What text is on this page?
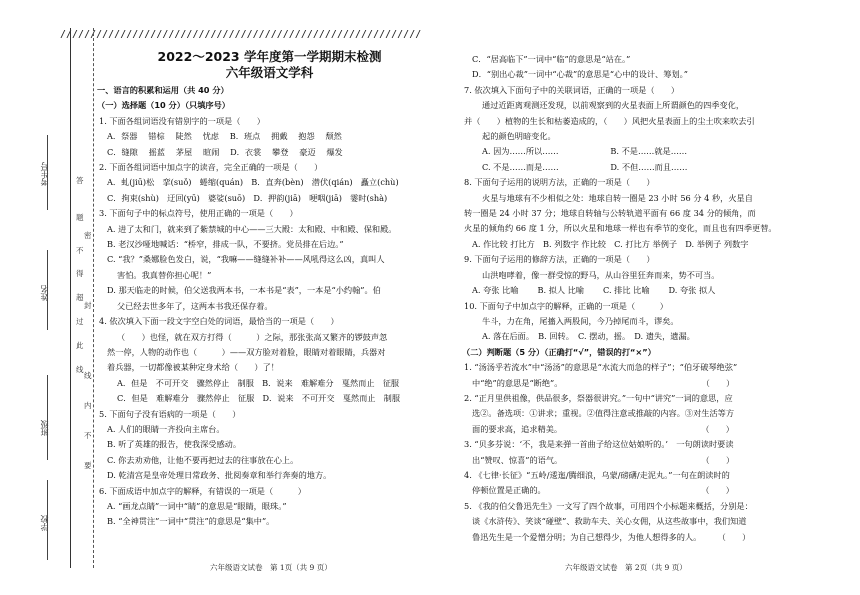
////////////////////////////////////////////////////////////
考生号
姓名
班级
学校
答
题
不
得
超
过
此
线
密
封
线
内
不
要
2022～2023 学年度第一学期期末检测
六年级语文学科
一、语言的积累和运用（共 40 分）
（一）选择题（10 分）（只填序号）
1. 下面各组词语没有错别字的一项是（　　）
A．祭器　 错棕　 陡然　 忧虑　 B．班点　 拥戴　 抱怨　 颓然
C．缝隙　 摇蓝　 茅屋　 暄闹　 D．衣裳　 攀登　 豪迈　 爆发
2. 下面各组词语中加点字的读音，完全正确的一项是（　　）
A．虬(jiū)松　挛(suǒ)　蜷缩(quán)　B．直奔(bèn)　潜伏(qián)　矗立(chù)
C．拘束(shù)　迂回(yū)　婆娑(suō)　D．押韵(jiā)　哽咽(jiā)　霎时(shà)
3. 下面句子中的标点符号，使用正确的一项是（　　）
A. 进了太和门，就来到了紫禁城的中心——三大殿：太和殿、中和殿、保和殿。
B. 老汉沙哑地喊话：“桥窄，排成一队，不要挤。党员排在后边。”
C. “我？”桑娜脸色发白，说，“我嘛——缝缝补补——风吼得这么凶，真叫人
害怕。我真替你担心呢！”
D. 那天临走的时候，伯父送我两本书，一本书是“表”，一本是“小约翰”。伯
父已经去世多年了，这两本书我还保存着。
4. 依次填入下面一段文字空白处的词语，最恰当的一项是（　　）
（　　）也怪，就在双方打得（　　　）之际，那张张高又繁齐的锣鼓声忽
然一停，人物的动作也（　　　）——双方脸对着脸，眼睛对着眼睛，兵器对
着兵器，一切都像被某种定身术给（　　）了！
A．但是　不可开交　骤然停止　制服　B．说来　难解难分　戛然而止　征服
C．但是　难解难分　骤然停止　征服　D．说来　不可开交　戛然而止　制服
5. 下面句子没有语病的一项是（　　）
A. 人们的眼睛一齐投向主席台。
B. 听了英雄的报告，使我深受感动。
C. 你去劝劝他，让他不要再把过去的往事放在心上。
D. 乾清宫是皇帝处理日常政务、批阅奏章和举行奔奏的地方。
6. 下面成语中加点字的解释，有错误的一项是（　　　）
A. “画龙点睛”一词中“睛”的意思是“眼睛，眼珠。”
B. “全神贯注”一词中“贯注”的意思是“集中”。
六年级语文试卷　第 1页（共 9 页）
C．“居高临下”一词中“临”的意思是“站在。”
D．“别出心裁”一词中“心裁”的意思是“心中的设计、筹划。”
7. 依次填入下面句子中的关联词语，正确的一项是（　　）
通过近距离观测还发现，以前观察到的火星表面上所谓颜色的四季变化，
并（　　）植物的生长和枯萎造成的，（　　）风把火星表面上的尘土吹来吹去引
起的颜色明暗变化。
A. 因为……所以……　　　　　　 B. 不是……就是……
C. 不是……而是……　　　　　　 D. 不但……而且……
8. 下面句子运用的说明方法，正确的一项是（　　）
火星与地球有不少相似之处：地球自转一圈是 23 小时 56 分 4 秒，火星自
转一圈是 24 小时 37 分；地球自转轴与公转轨道平面有 66 度 34 分的倾角，而
火星的倾角约 66 度 1 分，所以火星和地球一样也有季节的变化，而且也有四季更替。
A. 作比较 打比方　B. 列数字 作比较　C. 打比方 举例子　D. 举例子 列数字
9. 下面句子运用的修辞方法，正确的一项是（　　）
山洪咆哮着，像一群受惊的野马，从山谷里狂奔而来，势不可当。
A. 夸张 比喻　　 B. 拟人 比喻　　 C. 排比 比喻　　 D. 夸张 拟人
10. 下面句子中加点字的解释，正确的一项是（　　　）
牛斗，力在角，尾搐入两股间，今乃掉尾而斗，谬矣。
A. 落在后面。　B. 回转。　C. 摆动，摇。　D. 遗失，遗漏。
（二）判断题（5 分）（正确打“√”，错误的打“×”）
1. “汤汤乎若流水”中“汤汤”的意思是“水流大而急的样子”；“伯牙破琴绝弦”
中“绝”的意思是“断绝”。　　　　　　　　　　　　　　　　　　（　　）
2. “正月里供祖像，供品很多，祭器很讲究。”一句中“讲究”一词的意思，应
选②。备选项：①讲求；重视。②值得注意或推敲的内容。③对生活等方
面的要求高，追求精美。　　　　　　　　　　　　　　　　　　（　　）
3. “贝多芬说：‘不，我是来弹一首曲子给这位姑娘听的。’　一句朗读时要读
出“赞叹、惊喜”的语气。　　　　　　　　　　　　　　　　　　（　　）
4. 《七律·长征》“五岭/逶迤/腾细浪，乌蒙/磅礴/走泥丸。”一句在朗读时的
停顿位置是正确的。　　　　　　　　　　　　　　　　　　　　（　　）
5. 《我的伯父鲁迅先生》一文写了四个故事，可用四个小标题来概括，分别是：
谈《水浒传》、笑谈“碰壁”、救助车夫、关心女佣，从这些故事中，我们知道
鲁迅先生是一个爱憎分明；为自己想得少，为他人想得多的人。　　　（　　）
六年级语文试卷　第 2页（共 9 页）
